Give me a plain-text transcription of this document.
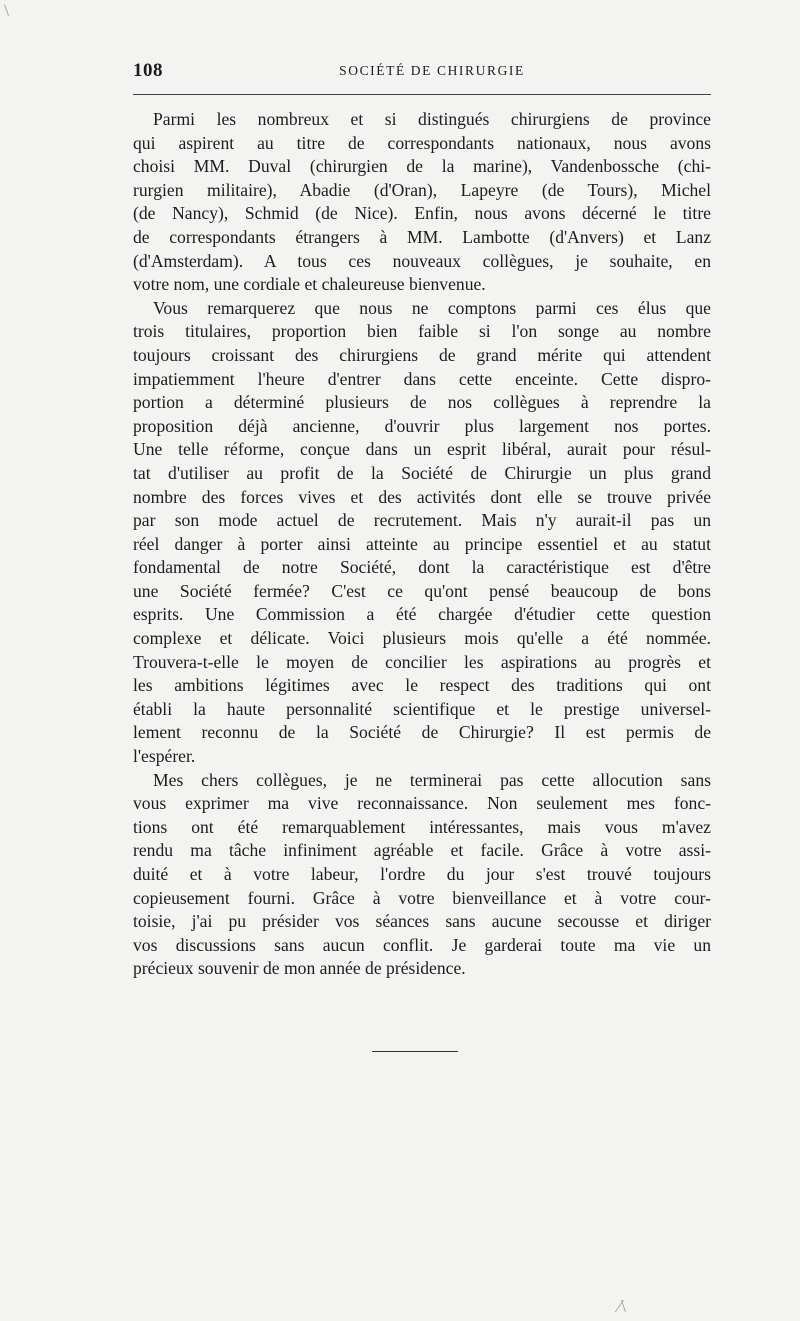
108	SOCIÉTÉ DE CHIRURGIE
Parmi les nombreux et si distingués chirurgiens de province
qui aspirent au titre de correspondants nationaux, nous avons
choisi MM. Duval (chirurgien de la marine), Vandenbossche (chi-
rurgien militaire), Abadie (d'Oran), Lapeyre (de Tours), Michel
(de Nancy), Schmid (de Nice). Enfin, nous avons décerné le titre
de correspondants étrangers à MM. Lambotte (d'Anvers) et Lanz
(d'Amsterdam). A tous ces nouveaux collègues, je souhaite, en
votre nom, une cordiale et chaleureuse bienvenue.
Vous remarquerez que nous ne comptons parmi ces élus que
trois titulaires, proportion bien faible si l'on songe au nombre
toujours croissant des chirurgiens de grand mérite qui attendent
impatiemment l'heure d'entrer dans cette enceinte. Cette dispro-
portion a déterminé plusieurs de nos collègues à reprendre la
proposition déjà ancienne, d'ouvrir plus largement nos portes.
Une telle réforme, conçue dans un esprit libéral, aurait pour résul-
tat d'utiliser au profit de la Société de Chirurgie un plus grand
nombre des forces vives et des activités dont elle se trouve privée
par son mode actuel de recrutement. Mais n'y aurait-il pas un
réel danger à porter ainsi atteinte au principe essentiel et au statut
fondamental de notre Société, dont la caractéristique est d'être
une Société fermée? C'est ce qu'ont pensé beaucoup de bons
esprits. Une Commission a été chargée d'étudier cette question
complexe et délicate. Voici plusieurs mois qu'elle a été nommée.
Trouvera-t-elle le moyen de concilier les aspirations au progrès et
les ambitions légitimes avec le respect des traditions qui ont
établi la haute personnalité scientifique et le prestige universel-
lement reconnu de la Société de Chirurgie? Il est permis de
l'espérer.
Mes chers collègues, je ne terminerai pas cette allocution sans
vous exprimer ma vive reconnaissance. Non seulement mes fonc-
tions ont été remarquablement intéressantes, mais vous m'avez
rendu ma tâche infiniment agréable et facile. Grâce à votre assi-
duité et à votre labeur, l'ordre du jour s'est trouvé toujours
copieusement fourni. Grâce à votre bienveillance et à votre cour-
toisie, j'ai pu présider vos séances sans aucune secousse et diriger
vos discussions sans aucun conflit. Je garderai toute ma vie un
précieux souvenir de mon année de présidence.
⁄\
